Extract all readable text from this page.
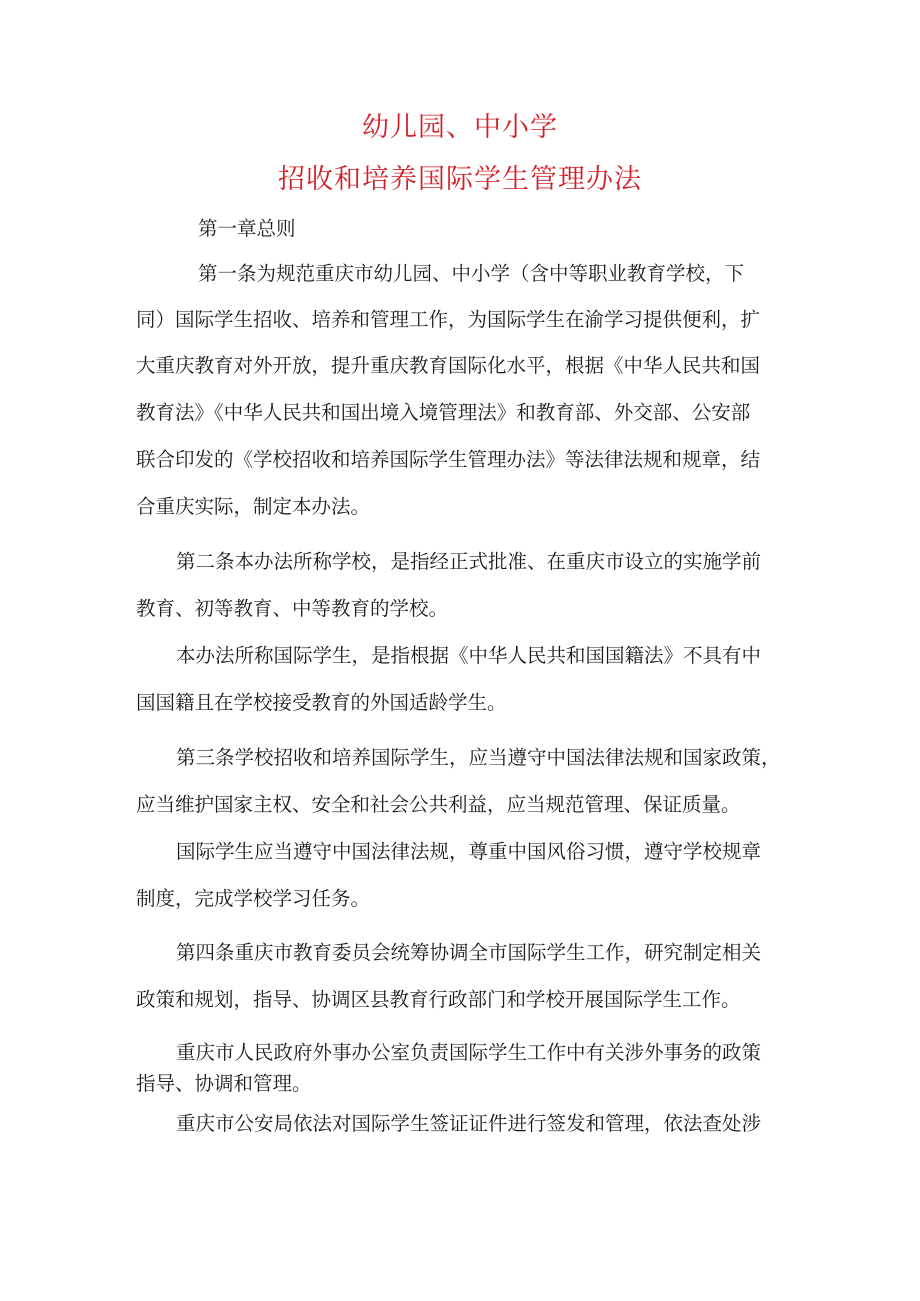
幼儿园、中小学
招收和培养国际学生管理办法

第一章总则

第一条为规范重庆市幼儿园、中小学（含中等职业教育学校，下

同）国际学生招收、培养和管理工作，为国际学生在渝学习提供便利，扩

大重庆教育对外开放，提升重庆教育国际化水平，根据《中华人民共和国

教育法》《中华人民共和国出境入境管理法》和教育部、外交部、公安部

联合印发的《学校招收和培养国际学生管理办法》等法律法规和规章，结

合重庆实际，制定本办法。

第二条本办法所称学校，是指经正式批准、在重庆市设立的实施学前

教育、初等教育、中等教育的学校。

本办法所称国际学生，是指根据《中华人民共和国国籍法》不具有中

国国籍且在学校接受教育的外国适龄学生。

第三条学校招收和培养国际学生，应当遵守中国法律法规和国家政策，

应当维护国家主权、安全和社会公共利益，应当规范管理、保证质量。

国际学生应当遵守中国法律法规，尊重中国风俗习惯，遵守学校规章

制度，完成学校学习任务。

第四条重庆市教育委员会统筹协调全市国际学生工作，研究制定相关

政策和规划，指导、协调区县教育行政部门和学校开展国际学生工作。

重庆市人民政府外事办公室负责国际学生工作中有关涉外事务的政策

指导、协调和管理。

重庆市公安局依法对国际学生签证证件进行签发和管理，依法查处涉
